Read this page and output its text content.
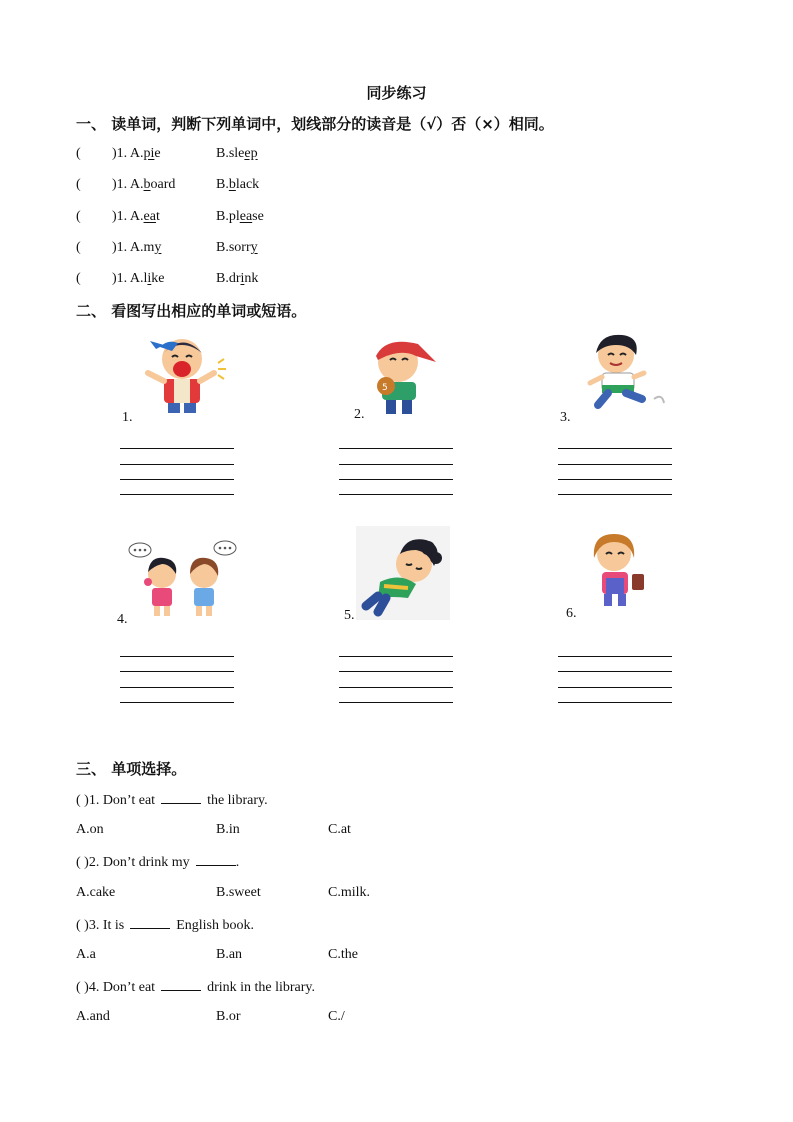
同步练习
一、 读单词，判断下列单词中，划线部分的读音是（√）否（×）相同。
( )1. A.pie	B.sleep
( )1. A.board	B.black
( )1. A.eat	B.please
( )1. A.my	B.sorry
( )1. A.like	B.drink
二、 看图写出相应的单词或短语。
1.
5
2.	3.
4.	5.	6.
三、 单项选择。
( )1. Don’t eat	the library.
A.on	B.in	C.at
( )2. Don’t drink my	.
A.cake	B.sweet	C.milk.
( )3. It is	English book.
A.a	B.an	C.the
( )4. Don’t eat	drink in the library.
A.and	B.or	C./
